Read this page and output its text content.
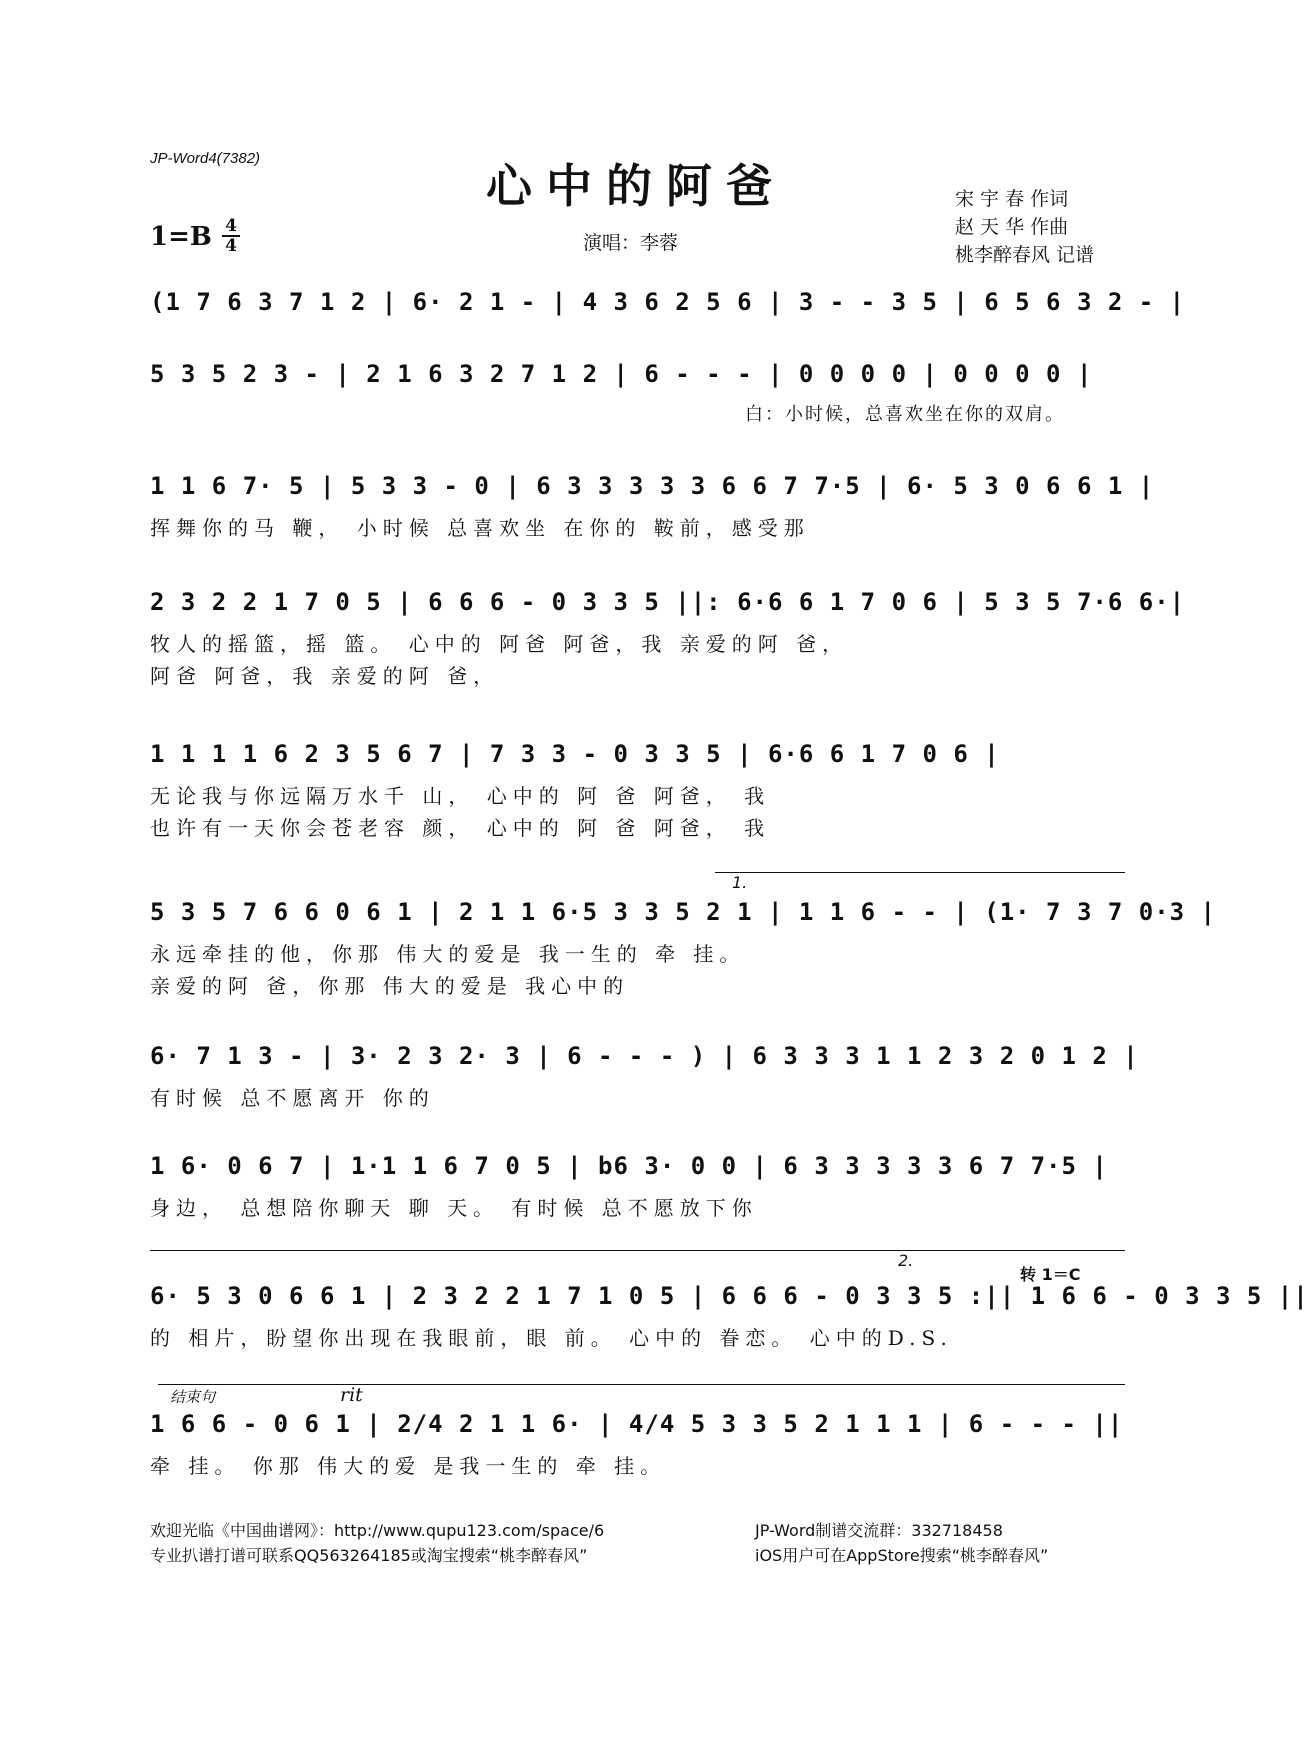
JP-Word4(7382)
心中的阿爸
1=B 4
4	演唱：李蓉
宋 宇 春 作词
赵 天 华 作曲
桃李醉春风 记谱
(1 7 6 3 7 1 2 | 6· 2 1 - | 4 3 6 2 5 6 | 3 - - 3 5 | 6 5 6 3 2 - |
5 3 5 2 3 - | 2 1 6 3 2 7 1 2 | 6 - - - | 0 0 0 0 | 0 0 0 0 |
白：小时候，总喜欢坐在你的双肩。
1 1 6 7· 5 | 5 3 3 - 0 | 6 3 3 3 3 3 6 6 7 7·5 | 6· 5 3 0 6 6 1 |
挥舞你的马 鞭， 小时候 总喜欢坐 在你的 鞍前，感受那
2 3 2 2 1 7 0 5 | 6 6 6 - 0 3 3 5 ||: 6·6 6 1 7 0 6 | 5 3 5 7·6 6·|
牧人的摇篮，摇 篮。 心中的 阿爸 阿爸，我 亲爱的阿 爸，
阿爸 阿爸，我 亲爱的阿 爸，
1 1 1 1 6 2 3 5 6 7 | 7 3 3 - 0 3 3 5 | 6·6 6 1 7 0 6 |
无论我与你远隔万水千 山， 心中的 阿 爸 阿爸， 我
也许有一天你会苍老容 颜， 心中的 阿 爸 阿爸， 我
1.
5 3 5 7 6 6 0 6 1 | 2 1 1 6·5 3 3 5 2 1 | 1 1 6 - - | (1· 7 3 7 0·3 |
永远牵挂的他，你那 伟大的爱是 我一生的 牵 挂。
亲爱的阿 爸，你那 伟大的爱是 我心中的
6· 7 1 3 - | 3· 2 3 2· 3 | 6 - - - ) | 6 3 3 3 1 1 2 3 2 0 1 2 |
有时候 总不愿离开 你的
1 6· 0 6 7 | 1·1 1 6 7 0 5 | b6 3· 0 0 | 6 3 3 3 3 3 6 7 7·5 |
身边， 总想陪你聊天 聊 天。 有时候 总不愿放下你
2.
转 1＝C
6· 5 3 0 6 6 1 | 2 3 2 2 1 7 1 0 5 | 6 6 6 - 0 3 3 5 :|| 1 6 6 - 0 3 3 5 ||
的 相片，盼望你出现在我眼前，眼 前。 心中的 眷恋。 心中的D.S.
结束句	rit
1 6 6 - 0 6 1 | 2/4 2 1 1 6· | 4/4 5 3 3 5 2 1 1 1 | 6 - - - ||
牵 挂。 你那 伟大的爱 是我一生的 牵 挂。
欢迎光临《中国曲谱网》：http://www.qupu123.com/space/6
专业扒谱打谱可联系QQ563264185或淘宝搜索“桃李醉春风”
JP-Word制谱交流群：332718458
iOS用户可在AppStore搜索“桃李醉春风”
